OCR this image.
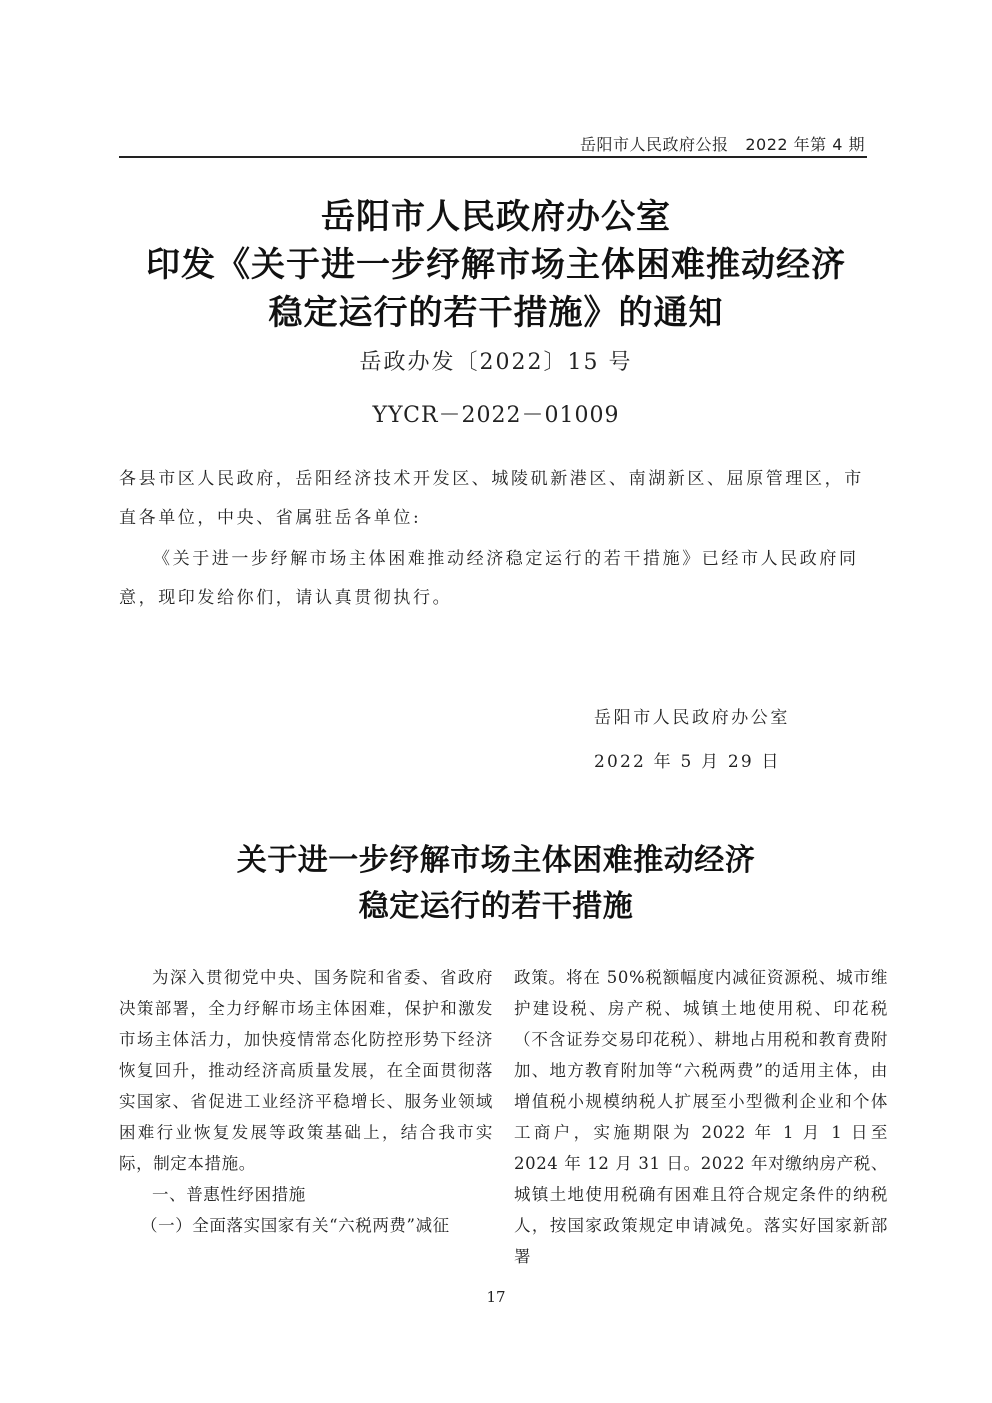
岳阳市人民政府公报 2022 年第 4 期
岳阳市人民政府办公室
印发《关于进一步纾解市场主体困难推动经济
稳定运行的若干措施》的通知
岳政办发〔2022〕15 号
YYCR－2022－01009
各县市区人民政府，岳阳经济技术开发区、城陵矶新港区、南湖新区、屈原管理区，市直各单位，中央、省属驻岳各单位:
《关于进一步纾解市场主体困难推动经济稳定运行的若干措施》已经市人民政府同意，现印发给你们，请认真贯彻执行。
岳阳市人民政府办公室
2022 年 5 月 29 日
关于进一步纾解市场主体困难推动经济
稳定运行的若干措施

为深入贯彻党中央、国务院和省委、省政府决策部署，全力纾解市场主体困难，保护和激发市场主体活力，加快疫情常态化防控形势下经济恢复回升，推动经济高质量发展，在全面贯彻落实国家、省促进工业经济平稳增长、服务业领域困难行业恢复发展等政策基础上，结合我市实际，制定本措施。

一、普惠性纾困措施

（一）全面落实国家有关“六税两费”减征

政策。将在 50%税额幅度内减征资源税、城市维护建设税、房产税、城镇土地使用税、印花税（不含证券交易印花税）、耕地占用税和教育费附加、地方教育附加等“六税两费”的适用主体，由增值税小规模纳税人扩展至小型微利企业和个体工商户，实施期限为 2022 年 1 月 1 日至 2024 年 12 月 31 日。2022 年对缴纳房产税、城镇土地使用税确有困难且符合规定条件的纳税人，按国家政策规定申请减免。落实好国家新部署

17
